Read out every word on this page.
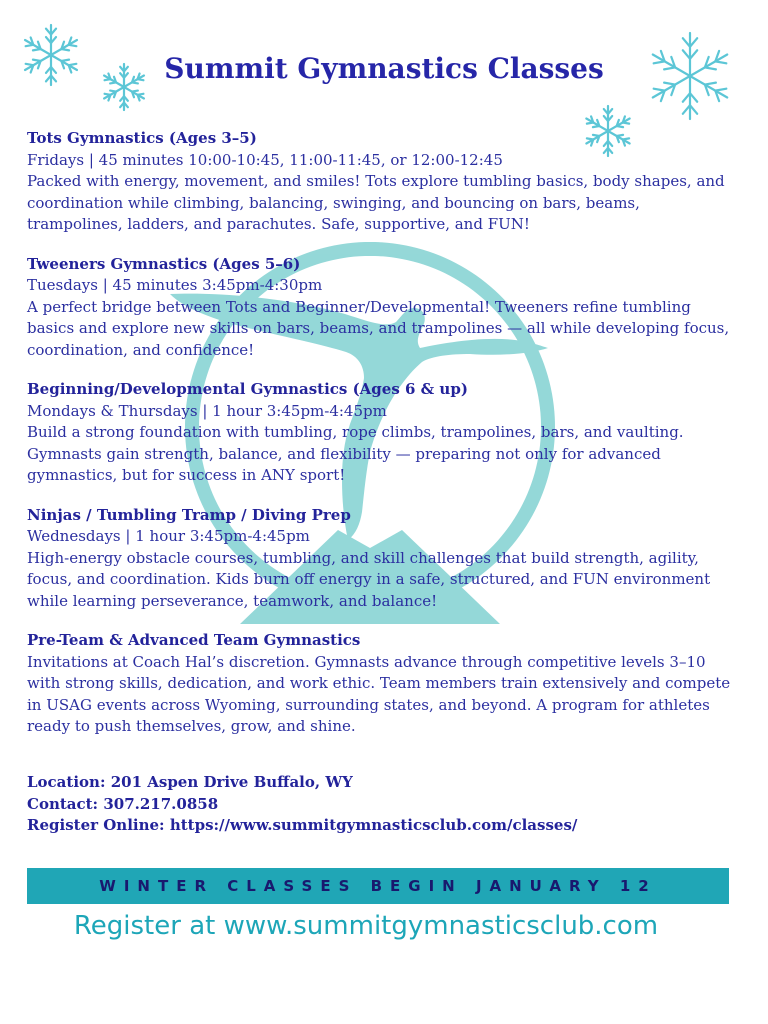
Summit Gymnastics Classes
Tots Gymnastics (Ages 3–5)
Fridays | 45 minutes 10:00-10:45, 11:00-11:45, or 12:00-12:45
Packed with energy, movement, and smiles! Tots explore tumbling basics, body shapes, and
coordination while climbing, balancing, swinging, and bouncing on bars, beams,
trampolines, ladders, and parachutes. Safe, supportive, and FUN!
Tweeners Gymnastics (Ages 5–6)
Tuesdays | 45 minutes 3:45pm-4:30pm
A perfect bridge between Tots and Beginner/Developmental! Tweeners refine tumbling
basics and explore new skills on bars, beams, and trampolines — all while developing focus,
coordination, and confidence!
Beginning/Developmental Gymnastics (Ages 6 & up)
Mondays & Thursdays | 1 hour 3:45pm-4:45pm
Build a strong foundation with tumbling, rope climbs, trampolines, bars, and vaulting.
Gymnasts gain strength, balance, and flexibility — preparing not only for advanced
gymnastics, but for success in ANY sport!
Ninjas / Tumbling Tramp / Diving Prep
Wednesdays | 1 hour 3:45pm-4:45pm
High-energy obstacle courses, tumbling, and skill challenges that build strength, agility,
focus, and coordination. Kids burn off energy in a safe, structured, and FUN environment
while learning perseverance, teamwork, and balance!
Pre-Team & Advanced Team Gymnastics
Invitations at Coach Hal’s discretion. Gymnasts advance through competitive levels 3–10
with strong skills, dedication, and work ethic. Team members train extensively and compete
in USAG events across Wyoming, surrounding states, and beyond. A program for athletes
ready to push themselves, grow, and shine.
Location: 201 Aspen Drive Buffalo, WY
Contact: 307.217.0858
Register Online: https://www.summitgymnasticsclub.com/classes/
WINTER CLASSES BEGIN JANUARY 12
Register at www.summitgymnasticsclub.com
